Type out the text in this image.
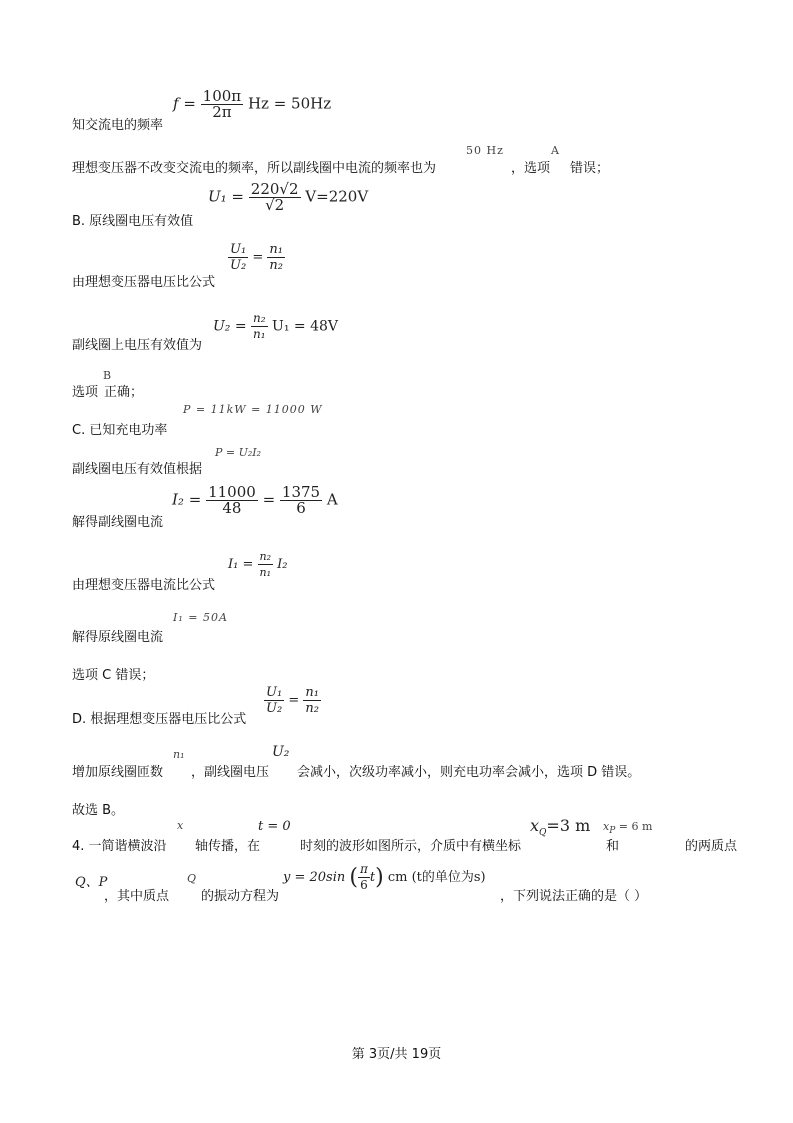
$f = \frac{100\pi}{2\pi}$ Hz = 50Hz
知交流电的频率
50 Hz	A
理想变压器不改变交流电的频率，所以副线圈中电流的频率也为	，选项 错误；
$U_1 = \frac{220√2}{√2} V=220V$
B. 原线圈电压有效值
$\frac{\text{U₁}}{\text{U₂}} = \frac{\text{n₁}}{\text{n₂}}$
由理想变压器电压比公式
$U_2 = \frac{\text{n₂}}{\text{n₁}} U_1 = 48V$
副线圈上电压有效值为
B
选项 正确；
P = 11kW = 11000 W
C. 已知充电功率
P = U₂I₂
副线圈电压有效值根据
$I_2 = \frac{11000}{48} = \frac{1375}{6}$ A
解得副线圈电流
$I_1 = \frac{\text{n₂}}{\text{n₁}} I_2$
由理想变压器电流比公式
I₁ = 50A
解得原线圈电流
选项 C 错误；
$\frac{\text{U₁}}{\text{U₂}} = \frac{\text{n₁}}{\text{n₂}}$
D. 根据理想变压器电压比公式
n₁	U₂
增加原线圈匝数 ，副线圈电压 会减小，次级功率减小，则充电功率会减小，选项 D 错误。
故选 B。
x	t = 0	$x_Q=3$ m $x_P = 6$ m
4. 一简谐横波沿 轴传播，在	时刻的波形如图所示，介质中有横坐标	和	的两质点
Q、P	Q	y = 20sin ( $\frac{\pi}{6} t$) cm (t的单位为s)
，其中质点 的振动方程为	，下列说法正确的是（ ）
第 3页/共 19页
